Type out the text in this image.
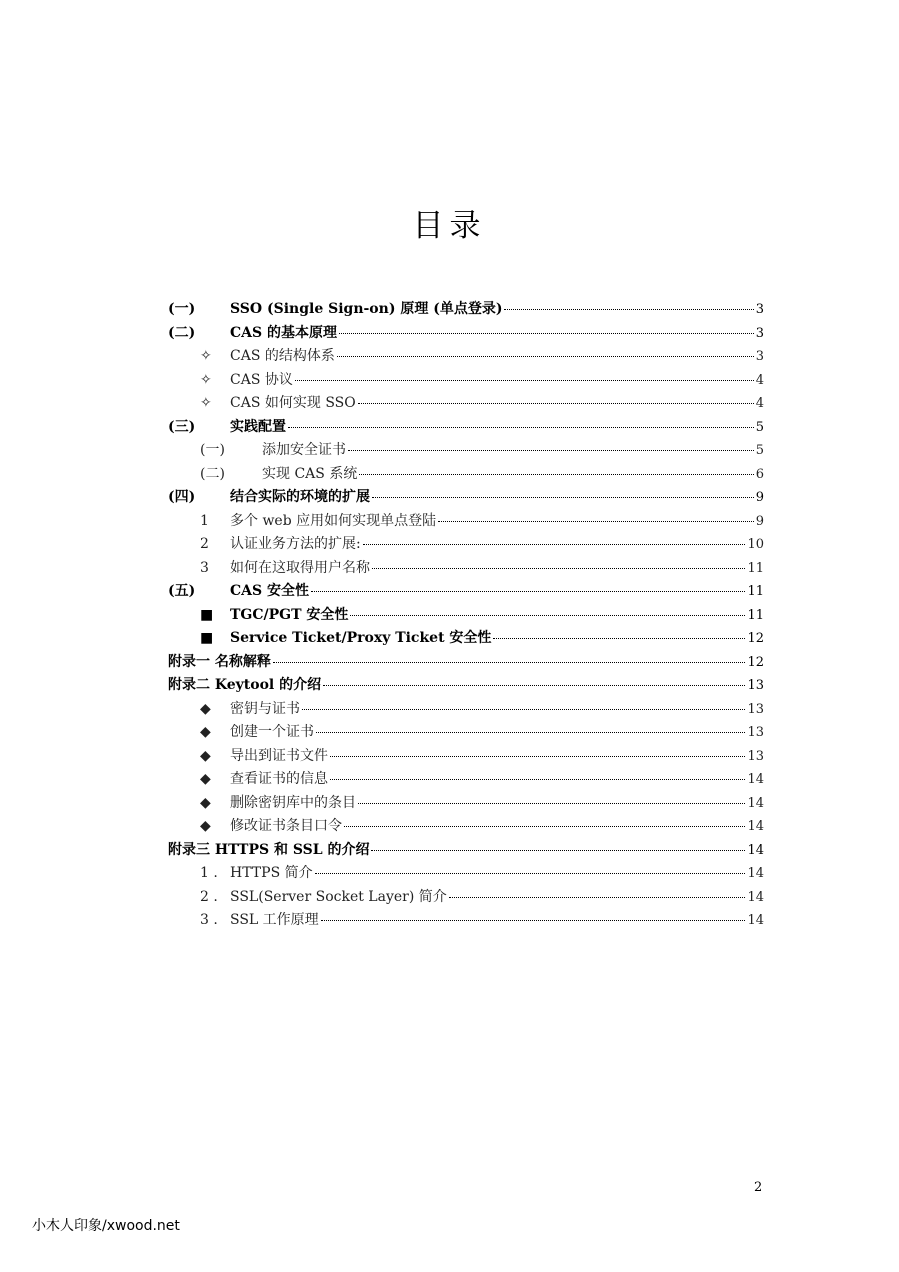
目录
(一)	SSO (Single Sign-on) 原理 (单点登录)	3
(二)	CAS 的基本原理	3
✧	CAS 的结构体系	3
✧	CAS 协议	4
✧	CAS 如何实现 SSO	4
(三)	实践配置	5
(一)	添加安全证书	5
(二)	实现 CAS 系统	6
(四)	结合实际的环境的扩展	9
1	多个 web 应用如何实现单点登陆	9
2	认证业务方法的扩展:	10
3	如何在这取得用户名称	11
(五)	CAS 安全性	11
■	TGC/PGT 安全性	11
■	Service Ticket/Proxy Ticket 安全性	12
附录一 名称解释	12
附录二 Keytool 的介绍	13
◆	密钥与证书	13
◆	创建一个证书	13
◆	导出到证书文件	13
◆	查看证书的信息	14
◆	删除密钥库中的条目	14
◆	修改证书条目口令	14
附录三 HTTPS 和 SSL 的介绍	14
1 . HTTPS 简介	14
2 . SSL(Server Socket Layer) 简介	14
3 . SSL 工作原理	14
2
小木人印象/xwood.net
